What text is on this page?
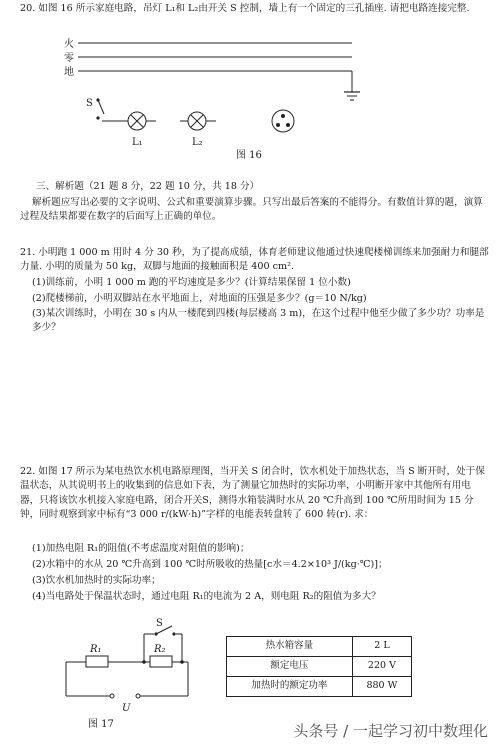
20. 如图 16 所示家庭电路，吊灯 L₁和 L₂由开关 S 控制，墙上有一个固定的三孔插座. 请把电路连接完整.

火
零
地
S
L₁	L₂

图 16

三、解析题（21 题 8 分，22 题 10 分，共 18 分）

解析题应写出必要的文字说明、公式和重要演算步骤。只写出最后答案的不能得分。有数值计算的题，演算过程及结果都要在数字的后面写上正确的单位。

21. 小明跑 1 000 m 用时 4 分 30 秒，为了提高成绩，体育老师建议他通过快速爬楼梯训练来加强耐力和腿部力量. 小明的质量为 50 kg，双脚与地面的接触面积是 400 cm².

(1)训练前，小明 1 000 m 跑的平均速度是多少？(计算结果保留 1 位小数)

(2)爬楼梯前，小明双脚站在水平地面上，对地面的压强是多少？(g＝10 N/kg)

(3)某次训练时，小明在 30 s 内从一楼爬到四楼(每层楼高 3 m)，在这个过程中他至少做了多少功？功率是多少？

22. 如图 17 所示为某电热饮水机电路原理图，当开关 S 闭合时，饮水机处于加热状态，当 S 断开时，处于保温状态，从其说明书上的收集到的信息如下表，为了测量它加热时的实际功率，小明断开家中其他所有用电器，只将该饮水机接入家庭电路，闭合开关S，测得水箱装满时水从 20 ℃升高到 100 ℃所用时间为 15 分钟，同时观察到家中标有“3 000 r/(kW·h)”字样的电能表转盘转了 600 转(r). 求：

(1)加热电阻 R₁的阻值(不考虑温度对阻值的影响)；

(2)水箱中的水从 20 ℃升高到 100 ℃时所吸收的热量[c水＝4.2×10³ J/(kg·℃)]；

(3)饮水机加热时的实际功率；

(4)当电路处于保温状态时，通过电阻 R₁的电流为 2 A，则电阻 R₂的阻值为多大？

S
R₁	R₂
U

图 17

热水箱容量	2 L
额定电压	220 V
加热时的额定功率	880 W
头条号 / 一起学习初中数理化
